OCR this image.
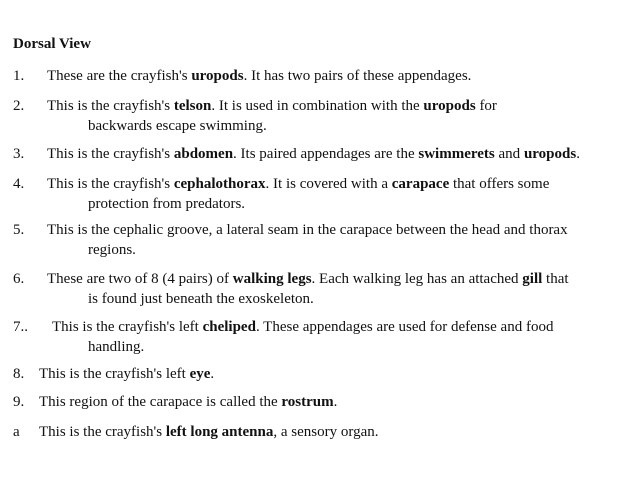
Dorsal View
1. These are the crayfish's uropods. It has two pairs of these appendages.
2. This is the crayfish's telson. It is used in combination with the uropods for
backwards escape swimming.
3. This is the crayfish's abdomen. Its paired appendages are the swimmerets and uropods.
4. This is the crayfish's cephalothorax. It is covered with a carapace that offers some
protection from predators.
5. This is the cephalic groove, a lateral seam in the carapace between the head and thorax
regions.
6. These are two of 8 (4 pairs) of walking legs. Each walking leg has an attached gill that
is found just beneath the exoskeleton.
7.. This is the crayfish's left cheliped. These appendages are used for defense and food
handling.
8. This is the crayfish's left eye.
9. This region of the carapace is called the rostrum.
a This is the crayfish's left long antenna, a sensory organ.
